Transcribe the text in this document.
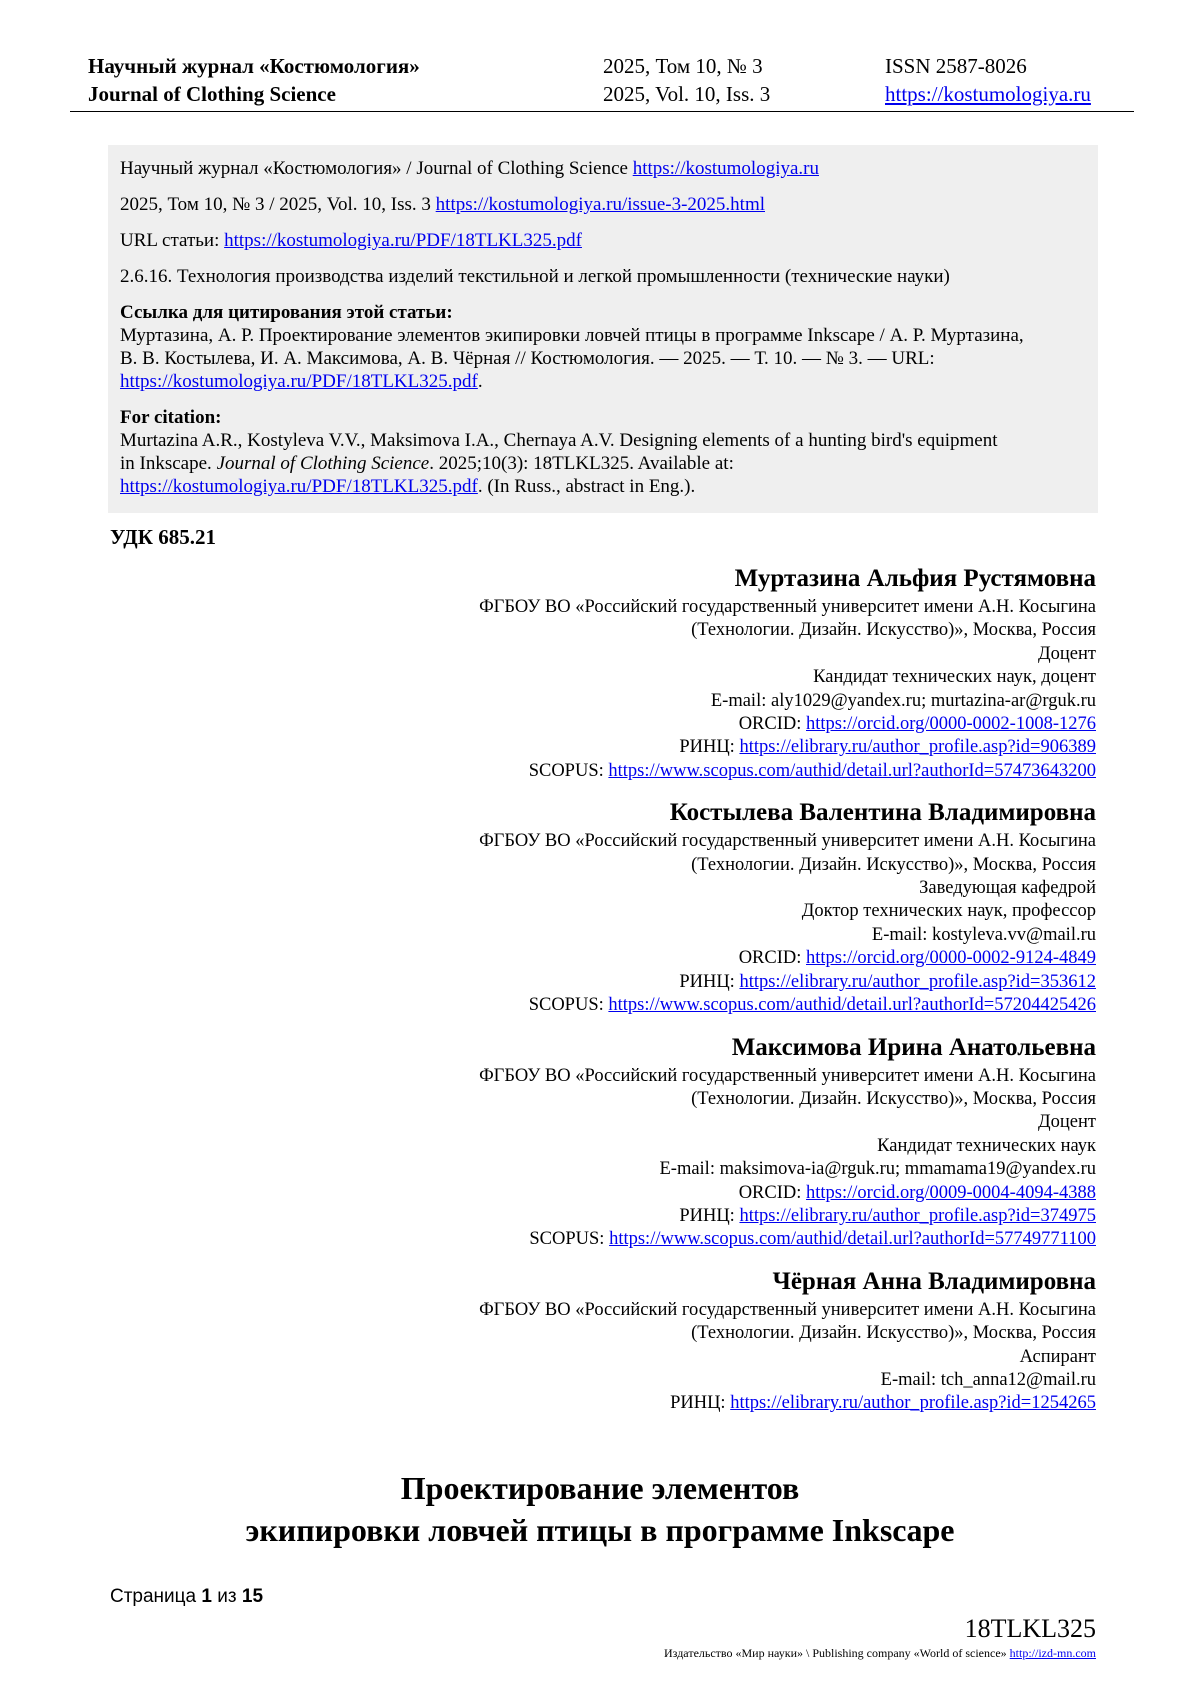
Научный журнал «Костюмология»
Journal of Clothing Science
2025, Том 10, № 3
2025, Vol. 10, Iss. 3
ISSN 2587-8026
https://kostumologiya.ru

Научный журнал «Костюмология» / Journal of Clothing Science https://kostumologiya.ru

2025, Том 10, № 3 / 2025, Vol. 10, Iss. 3 https://kostumologiya.ru/issue-3-2025.html

URL статьи: https://kostumologiya.ru/PDF/18TLKL325.pdf

2.6.16. Технология производства изделий текстильной и легкой промышленности (технические науки)

Ссылка для цитирования этой статьи:
Муртазина, А. Р. Проектирование элементов экипировки ловчей птицы в программе Inkscape / А. Р. Муртазина,
В. В. Костылева, И. А. Максимова, А. В. Чёрная // Костюмология. — 2025. — Т. 10. — № 3. — URL:
https://kostumologiya.ru/PDF/18TLKL325.pdf.
For citation:
Murtazina A.R., Kostyleva V.V., Maksimova I.A., Chernaya A.V. Designing elements of a hunting bird's equipment
in Inkscape. Journal of Clothing Science. 2025;10(3): 18TLKL325. Available at:
https://kostumologiya.ru/PDF/18TLKL325.pdf. (In Russ., abstract in Eng.).
УДК 685.21
Муртазина Альфия Рустямовна
ФГБОУ ВО «Российский государственный университет имени А.Н. Косыгина
(Технологии. Дизайн. Искусство)», Москва, Россия
Доцент
Кандидат технических наук, доцент
E-mail: aly1029@yandex.ru; murtazina-ar@rguk.ru
ORCID: https://orcid.org/0000-0002-1008-1276
РИНЦ: https://elibrary.ru/author_profile.asp?id=906389
SCOPUS: https://www.scopus.com/authid/detail.url?authorId=57473643200
Костылева Валентина Владимировна
ФГБОУ ВО «Российский государственный университет имени А.Н. Косыгина
(Технологии. Дизайн. Искусство)», Москва, Россия
Заведующая кафедрой
Доктор технических наук, профессор
E-mail: kostyleva.vv@mail.ru
ORCID: https://orcid.org/0000-0002-9124-4849
РИНЦ: https://elibrary.ru/author_profile.asp?id=353612
SCOPUS: https://www.scopus.com/authid/detail.url?authorId=57204425426
Максимова Ирина Анатольевна
ФГБОУ ВО «Российский государственный университет имени А.Н. Косыгина
(Технологии. Дизайн. Искусство)», Москва, Россия
Доцент
Кандидат технических наук
E-mail: maksimova-ia@rguk.ru; mmamama19@yandex.ru
ORCID: https://orcid.org/0009-0004-4094-4388
РИНЦ: https://elibrary.ru/author_profile.asp?id=374975
SCOPUS: https://www.scopus.com/authid/detail.url?authorId=57749771100
Чёрная Анна Владимировна
ФГБОУ ВО «Российский государственный университет имени А.Н. Косыгина
(Технологии. Дизайн. Искусство)», Москва, Россия
Аспирант
E-mail: tch_anna12@mail.ru
РИНЦ: https://elibrary.ru/author_profile.asp?id=1254265
Проектирование элементов
экипировки ловчей птицы в программе Inkscape
Страница 1 из 15
18TLKL325
Издательство «Мир науки» \ Publishing company «World of science» http://izd-mn.com
